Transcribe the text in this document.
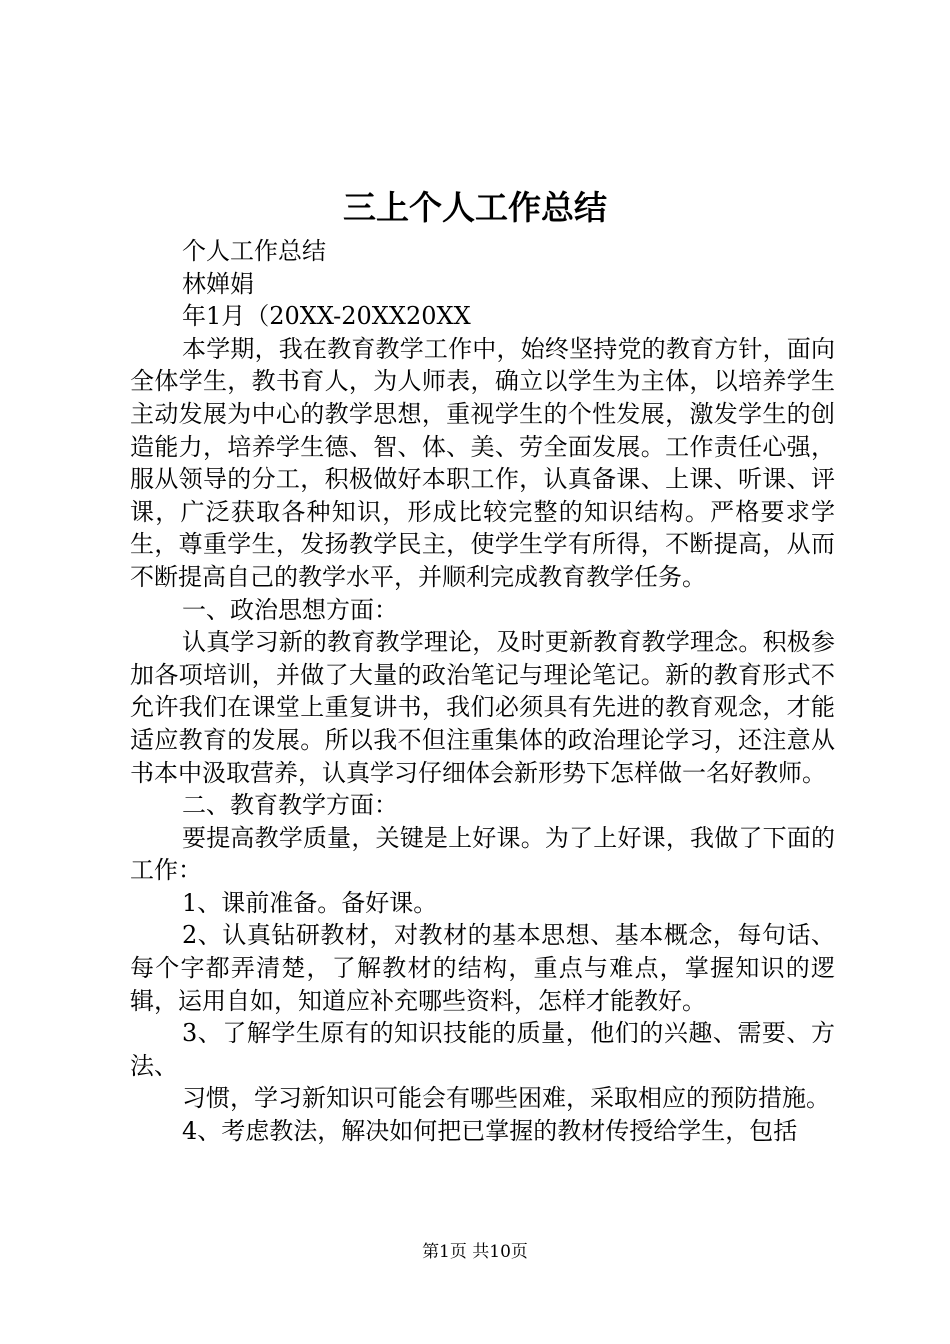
三上个人工作总结

个人工作总结

林婵娟

年1月（20XX-20XX20XX

本学期，我在教育教学工作中，始终坚持党的教育方针，面向全体学生，教书育人，为人师表，确立以学生为主体，以培养学生主动发展为中心的教学思想，重视学生的个性发展，激发学生的创造能力，培养学生德、智、体、美、劳全面发展。工作责任心强，服从领导的分工，积极做好本职工作，认真备课、上课、听课、评课，广泛获取各种知识，形成比较完整的知识结构。严格要求学生，尊重学生，发扬教学民主，使学生学有所得，不断提高，从而不断提高自己的教学水平，并顺利完成教育教学任务。

一、政治思想方面：

认真学习新的教育教学理论，及时更新教育教学理念。积极参加各项培训，并做了大量的政治笔记与理论笔记。新的教育形式不允许我们在课堂上重复讲书，我们必须具有先进的教育观念，才能适应教育的发展。所以我不但注重集体的政治理论学习，还注意从书本中汲取营养，认真学习仔细体会新形势下怎样做一名好教师。

二、教育教学方面：

要提高教学质量，关键是上好课。为了上好课，我做了下面的工作：

1、课前准备。备好课。

2、认真钻研教材，对教材的基本思想、基本概念，每句话、每个字都弄清楚，了解教材的结构，重点与难点，掌握知识的逻辑，运用自如，知道应补充哪些资料，怎样才能教好。

3、了解学生原有的知识技能的质量，他们的兴趣、需要、方法、

习惯，学习新知识可能会有哪些困难，采取相应的预防措施。

4、考虑教法，解决如何把已掌握的教材传授给学生，包括

第1页 共10页
